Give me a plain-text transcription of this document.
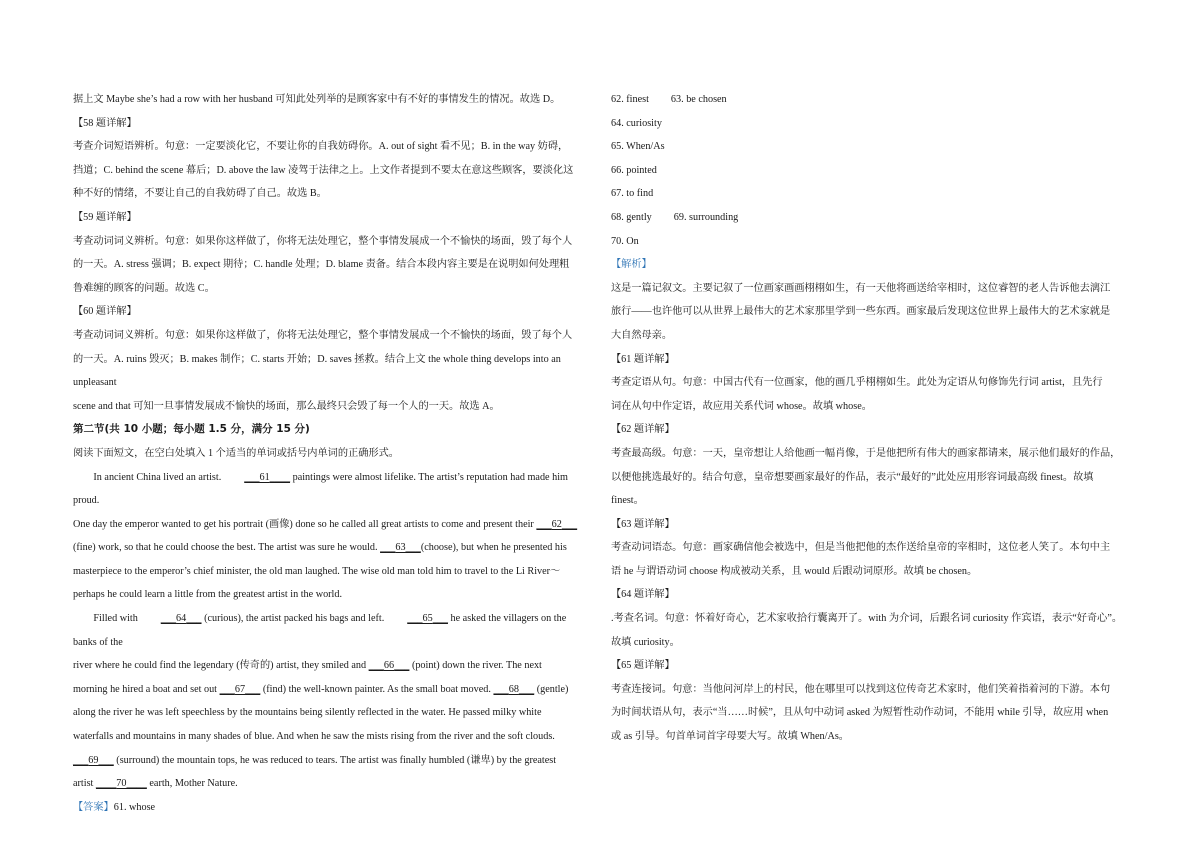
据上文 Maybe she’s had a row with her husband 可知此处列举的是顾客家中有不好的事情发生的情况。故选 D。

【58 题详解】

考查介词短语辨析。句意：一定要淡化它，不要让你的自我妨碍你。A. out of sight 看不见；B. in the way 妨碍，

挡道；C. behind the scene 幕后；D. above the law 凌驾于法律之上。上文作者提到不要太在意这些顾客，要淡化这

种不好的情绪，不要让自己的自我妨碍了自己。故选 B。

【59 题详解】

考查动词词义辨析。句意：如果你这样做了，你将无法处理它，整个事情发展成一个不愉快的场面，毁了每个人

的一天。A. stress 强调；B. expect 期待；C. handle 处理；D. blame 责备。结合本段内容主要是在说明如何处理粗

鲁难缠的顾客的问题。故选 C。

【60 题详解】

考查动词词义辨析。句意：如果你这样做了，你将无法处理它，整个事情发展成一个不愉快的场面，毁了每个人

的一天。A. ruins 毁灭；B. makes 制作；C. starts 开始；D. saves 拯救。结合上文 the whole thing develops into an unpleasant

scene and that 可知一旦事情发展成不愉快的场面，那么最终只会毁了每一个人的一天。故选 A。

第二节(共 10 小题；每小题 1.5 分，满分 15 分)

阅读下面短文，在空白处填入 1 个适当的单词或括号内单词的正确形式。

In ancient China lived an artist. ___61____ paintings were almost lifelike. The artist’s reputation had made him proud.

One day the emperor wanted to get his portrait (画像) done so he called all great artists to come and present their ___62___

(fine) work, so that he could choose the best. The artist was sure he would. ___63___(choose), but when he presented his

masterpiece to the emperor’s chief minister, the old man laughed. The wise old man told him to travel to the Li River～

perhaps he could learn a little from the greatest artist in the world.

Filled with ___64___ (curious), the artist packed his bags and left. ___65___ he asked the villagers on the banks of the

river where he could find the legendary (传奇的) artist, they smiled and ___66___ (point) down the river. The next

morning he hired a boat and set out ___67___ (find) the well-known painter. As the small boat moved. ___68___ (gentle)

along the river he was left speechless by the mountains being silently reflected in the water. He passed milky white

waterfalls and mountains in many shades of blue. And when he saw the mists rising from the river and the soft clouds.

___69___ (surround) the mountain tops, he was reduced to tears. The artist was finally humbled (谦卑) by the greatest

artist ____70____ earth, Mother Nature.

【答案】61. whose

62. finest 63. be chosen

64. curiosity

65. When/As

66. pointed

67. to find

68. gently 69. surrounding

70. On

【解析】

这是一篇记叙文。主要记叙了一位画家画画栩栩如生，有一天他将画送给宰相时，这位睿智的老人告诉他去漓江

旅行——也许他可以从世界上最伟大的艺术家那里学到一些东西。画家最后发现这位世界上最伟大的艺术家就是

大自然母亲。

【61 题详解】

考查定语从句。句意：中国古代有一位画家，他的画几乎栩栩如生。此处为定语从句修饰先行词 artist，且先行

词在从句中作定语，故应用关系代词 whose。故填 whose。

【62 题详解】

考查最高级。句意：一天，皇帝想让人给他画一幅肖像，于是他把所有伟大的画家都请来，展示他们最好的作品，

以便他挑选最好的。结合句意，皇帝想要画家最好的作品，表示“最好的”此处应用形容词最高级 finest。故填

finest。

【63 题详解】

考查动词语态。句意：画家确信他会被选中，但是当他把他的杰作送给皇帝的宰相时，这位老人笑了。本句中主

语 he 与谓语动词 choose 构成被动关系，且 would 后跟动词原形。故填 be chosen。

【64 题详解】

.考查名词。句意：怀着好奇心，艺术家收拾行囊离开了。with 为介词，后跟名词 curiosity 作宾语，表示“好奇心”。

故填 curiosity。

【65 题详解】

考查连接词。句意：当他问河岸上的村民，他在哪里可以找到这位传奇艺术家时，他们笑着指着河的下游。本句

为时间状语从句，表示“当……时候”，且从句中动词 asked 为短暂性动作动词，不能用 while 引导，故应用 when

或 as 引导。句首单词首字母要大写。故填 When/As。
